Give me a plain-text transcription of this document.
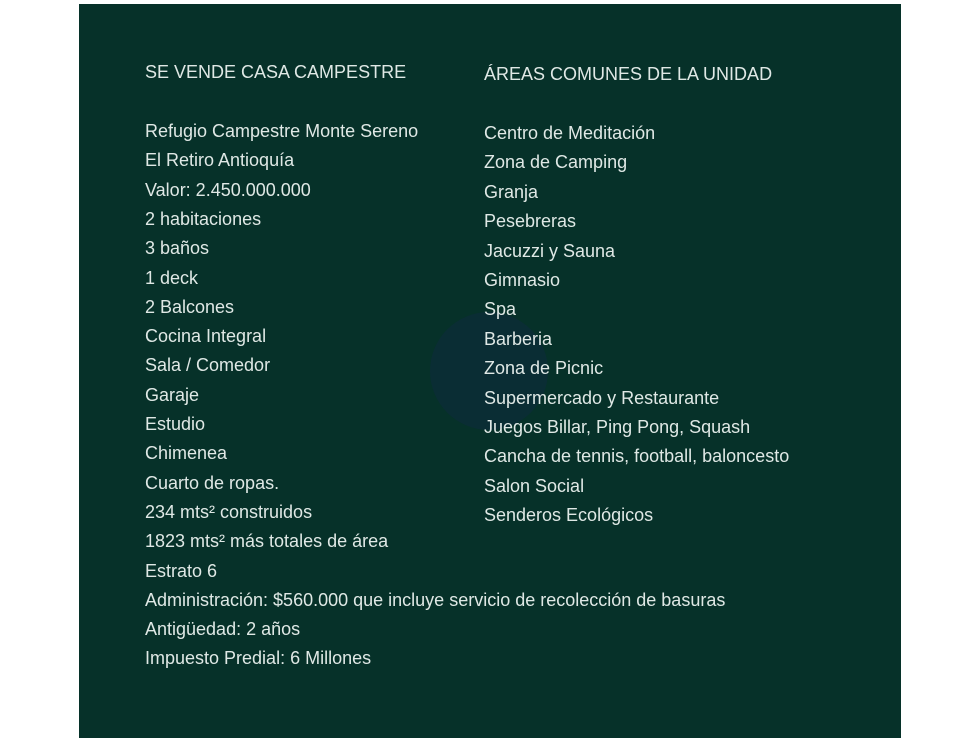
SE VENDE CASA CAMPESTRE
Refugio Campestre Monte Sereno
El Retiro Antioquía
Valor: 2.450.000.000
2 habitaciones
3 baños
1 deck
2 Balcones
Cocina Integral
Sala / Comedor
Garaje
Estudio
Chimenea
Cuarto de ropas.
234 mts² construidos
1823 mts² más totales de área
Estrato 6
Administración: $560.000 que incluye servicio de recolección de basuras
Antigüedad: 2 años
Impuesto Predial: 6 Millones
ÁREAS COMUNES DE LA UNIDAD
Centro de Meditación
Zona de Camping
Granja
Pesebreras
Jacuzzi y Sauna
Gimnasio
Spa
Barberia
Zona de Picnic
Supermercado y Restaurante
Juegos Billar, Ping Pong, Squash
Cancha de tennis, football, baloncesto
Salon Social
Senderos Ecológicos
